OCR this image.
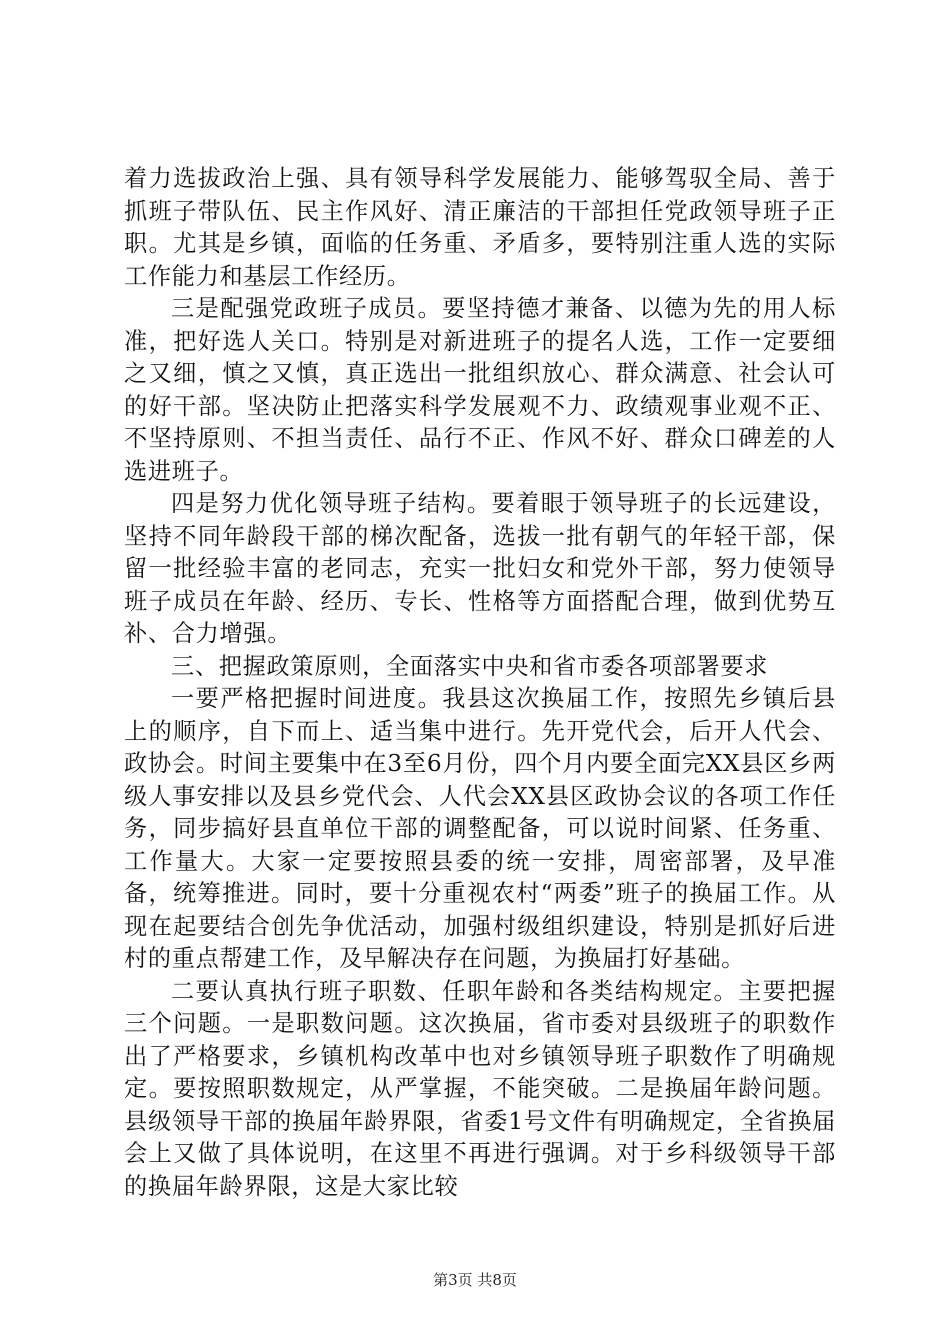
着力选拔政治上强、具有领导科学发展能力、能够驾驭全局、善于抓班子带队伍、民主作风好、清正廉洁的干部担任党政领导班子正职。尤其是乡镇，面临的任务重、矛盾多，要特别注重人选的实际工作能力和基层工作经历。

三是配强党政班子成员。要坚持德才兼备、以德为先的用人标准，把好选人关口。特别是对新进班子的提名人选，工作一定要细之又细，慎之又慎，真正选出一批组织放心、群众满意、社会认可的好干部。坚决防止把落实科学发展观不力、政绩观事业观不正、不坚持原则、不担当责任、品行不正、作风不好、群众口碑差的人选进班子。

四是努力优化领导班子结构。要着眼于领导班子的长远建设，坚持不同年龄段干部的梯次配备，选拔一批有朝气的年轻干部，保留一批经验丰富的老同志，充实一批妇女和党外干部，努力使领导班子成员在年龄、经历、专长、性格等方面搭配合理，做到优势互补、合力增强。

三、把握政策原则，全面落实中央和省市委各项部署要求

一要严格把握时间进度。我县这次换届工作，按照先乡镇后县上的顺序，自下而上、适当集中进行。先开党代会，后开人代会、政协会。时间主要集中在3至6月份，四个月内要全面完XX县区乡两级人事安排以及县乡党代会、人代会XX县区政协会议的各项工作任务，同步搞好县直单位干部的调整配备，可以说时间紧、任务重、工作量大。大家一定要按照县委的统一安排，周密部署，及早准备，统筹推进。同时，要十分重视农村“两委”班子的换届工作。从现在起要结合创先争优活动，加强村级组织建设，特别是抓好后进村的重点帮建工作，及早解决存在问题，为换届打好基础。

二要认真执行班子职数、任职年龄和各类结构规定。主要把握三个问题。一是职数问题。这次换届，省市委对县级班子的职数作出了严格要求，乡镇机构改革中也对乡镇领导班子职数作了明确规定。要按照职数规定，从严掌握，不能突破。二是换届年龄问题。县级领导干部的换届年龄界限，省委1号文件有明确规定，全省换届会上又做了具体说明，在这里不再进行强调。对于乡科级领导干部的换届年龄界限，这是大家比较

第3页 共8页
